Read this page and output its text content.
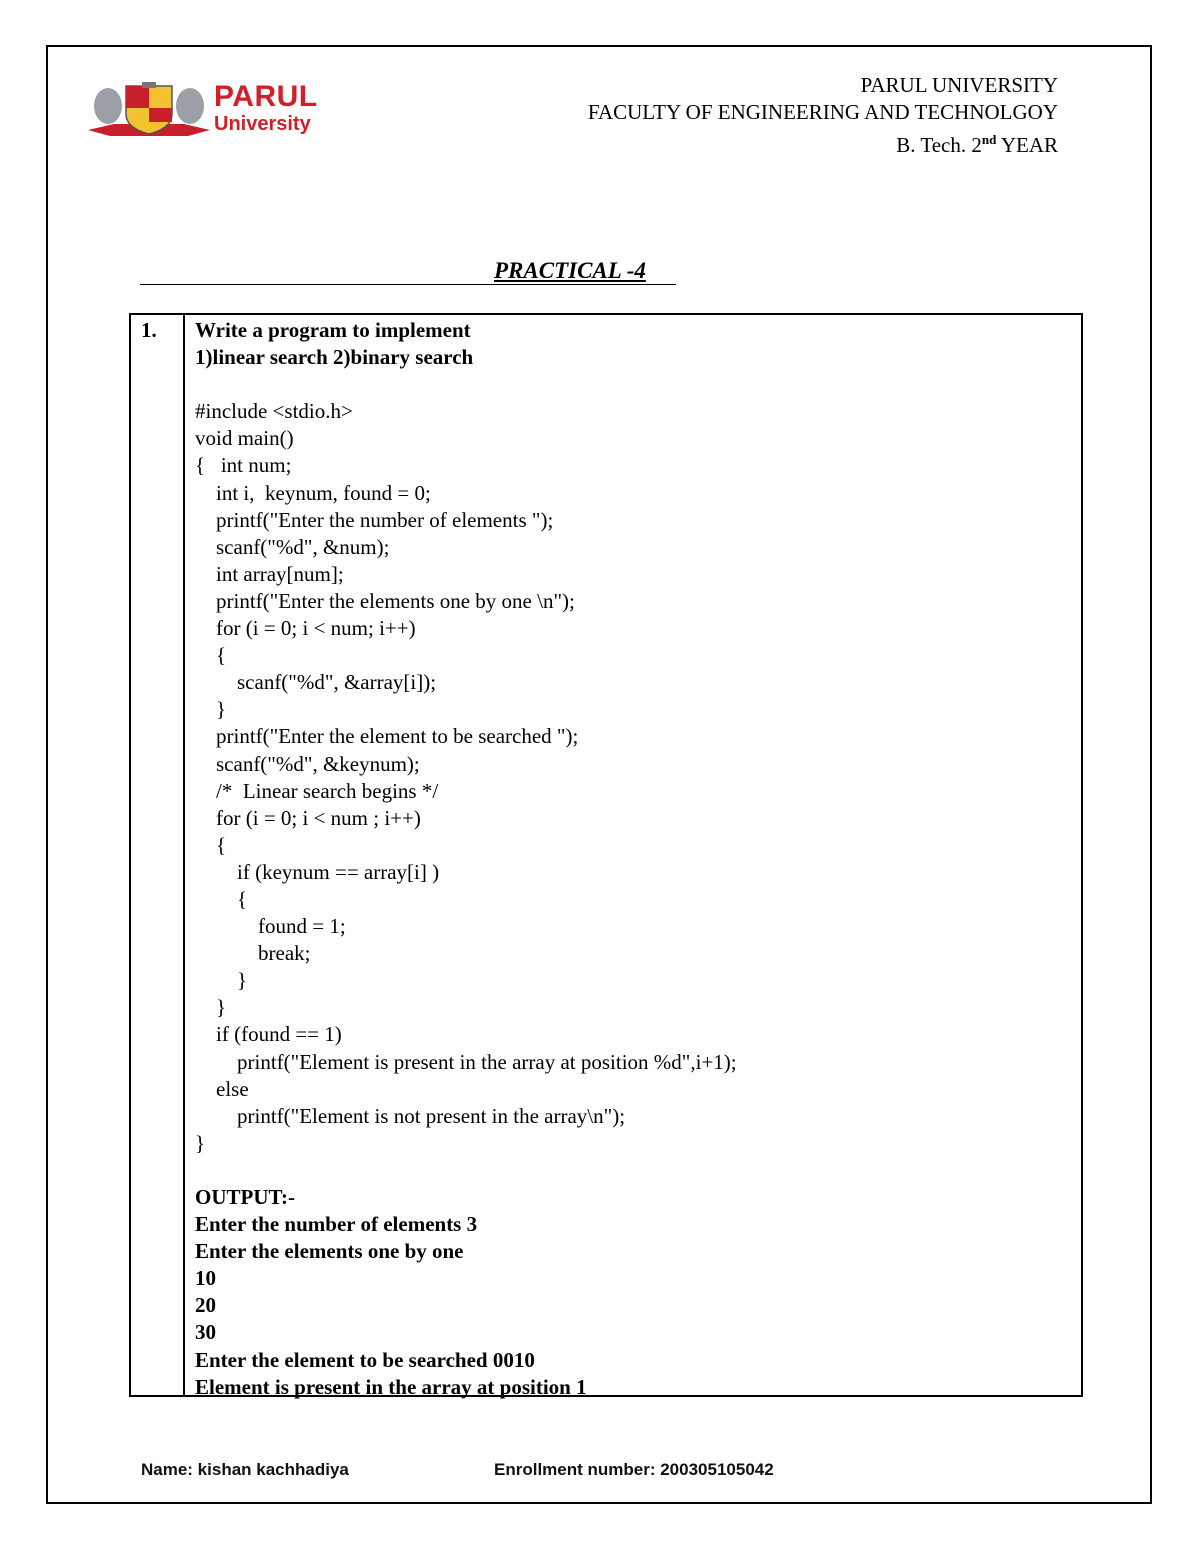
PARUL
University
PARUL UNIVERSITY
FACULTY OF ENGINEERING AND TECHNOLGOY
B. Tech. 2nd YEAR
PRACTICAL -4
1. Write a program to implement
1)linear search 2)binary search
#include <stdio.h>
void main()
{   int num;
int i,  keynum, found = 0;
printf("Enter the number of elements ");
scanf("%d", &num);
int array[num];
printf("Enter the elements one by one \n");
for (i = 0; i < num; i++)
{
scanf("%d", &array[i]);
}
printf("Enter the element to be searched ");
scanf("%d", &keynum);
/*  Linear search begins */
for (i = 0; i < num ; i++)
{
if (keynum == array[i] )
{
found = 1;
break;
}
}
if (found == 1)
printf("Element is present in the array at position %d",i+1);
else
printf("Element is not present in the array\n");
}
OUTPUT:-
Enter the number of elements 3
Enter the elements one by one
10
20
30
Enter the element to be searched 0010
Element is present in the array at position 1
Name: kishan kachhadiya	Enrollment number: 200305105042
